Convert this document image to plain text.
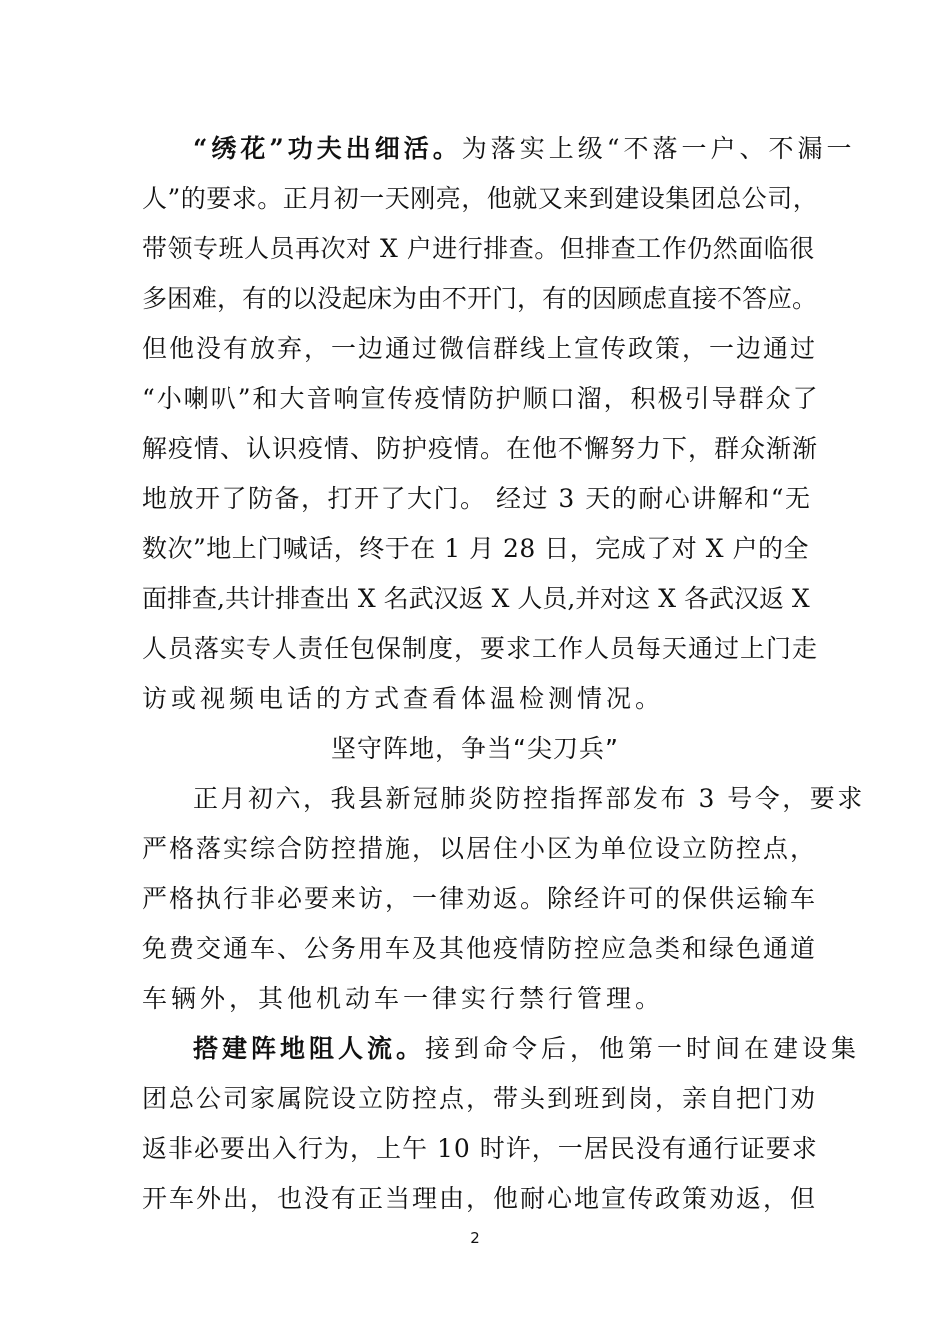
“绣花”功夫出细活。为落实上级“不落一户、不漏一
人”的要求。正月初一天刚亮，他就又来到建设集团总公司，
带领专班人员再次对 X 户进行排查。但排查工作仍然面临很
多困难，有的以没起床为由不开门，有的因顾虑直接不答应。
但他没有放弃，一边通过微信群线上宣传政策，一边通过
“小喇叭”和大音响宣传疫情防护顺口溜，积极引导群众了
解疫情、认识疫情、防护疫情。在他不懈努力下，群众渐渐
地放开了防备，打开了大门。 经过 3 天的耐心讲解和“无
数次”地上门喊话，终于在 1 月 28 日，完成了对 X 户的全
面排查,共计排查出 X 名武汉返 X 人员,并对这 X 各武汉返 X
人员落实专人责任包保制度，要求工作人员每天通过上门走
访或视频电话的方式查看体温检测情况。
坚守阵地，争当“尖刀兵”
正月初六，我县新冠肺炎防控指挥部发布 3 号令，要求
严格落实综合防控措施，以居住小区为单位设立防控点，
严格执行非必要来访，一律劝返。除经许可的保供运输车
免费交通车、公务用车及其他疫情防控应急类和绿色通道
车辆外，其他机动车一律实行禁行管理。
搭建阵地阻人流。接到命令后，他第一时间在建设集
团总公司家属院设立防控点，带头到班到岗，亲自把门劝
返非必要出入行为，上午 10 时许，一居民没有通行证要求
开车外出，也没有正当理由，他耐心地宣传政策劝返，但
2
